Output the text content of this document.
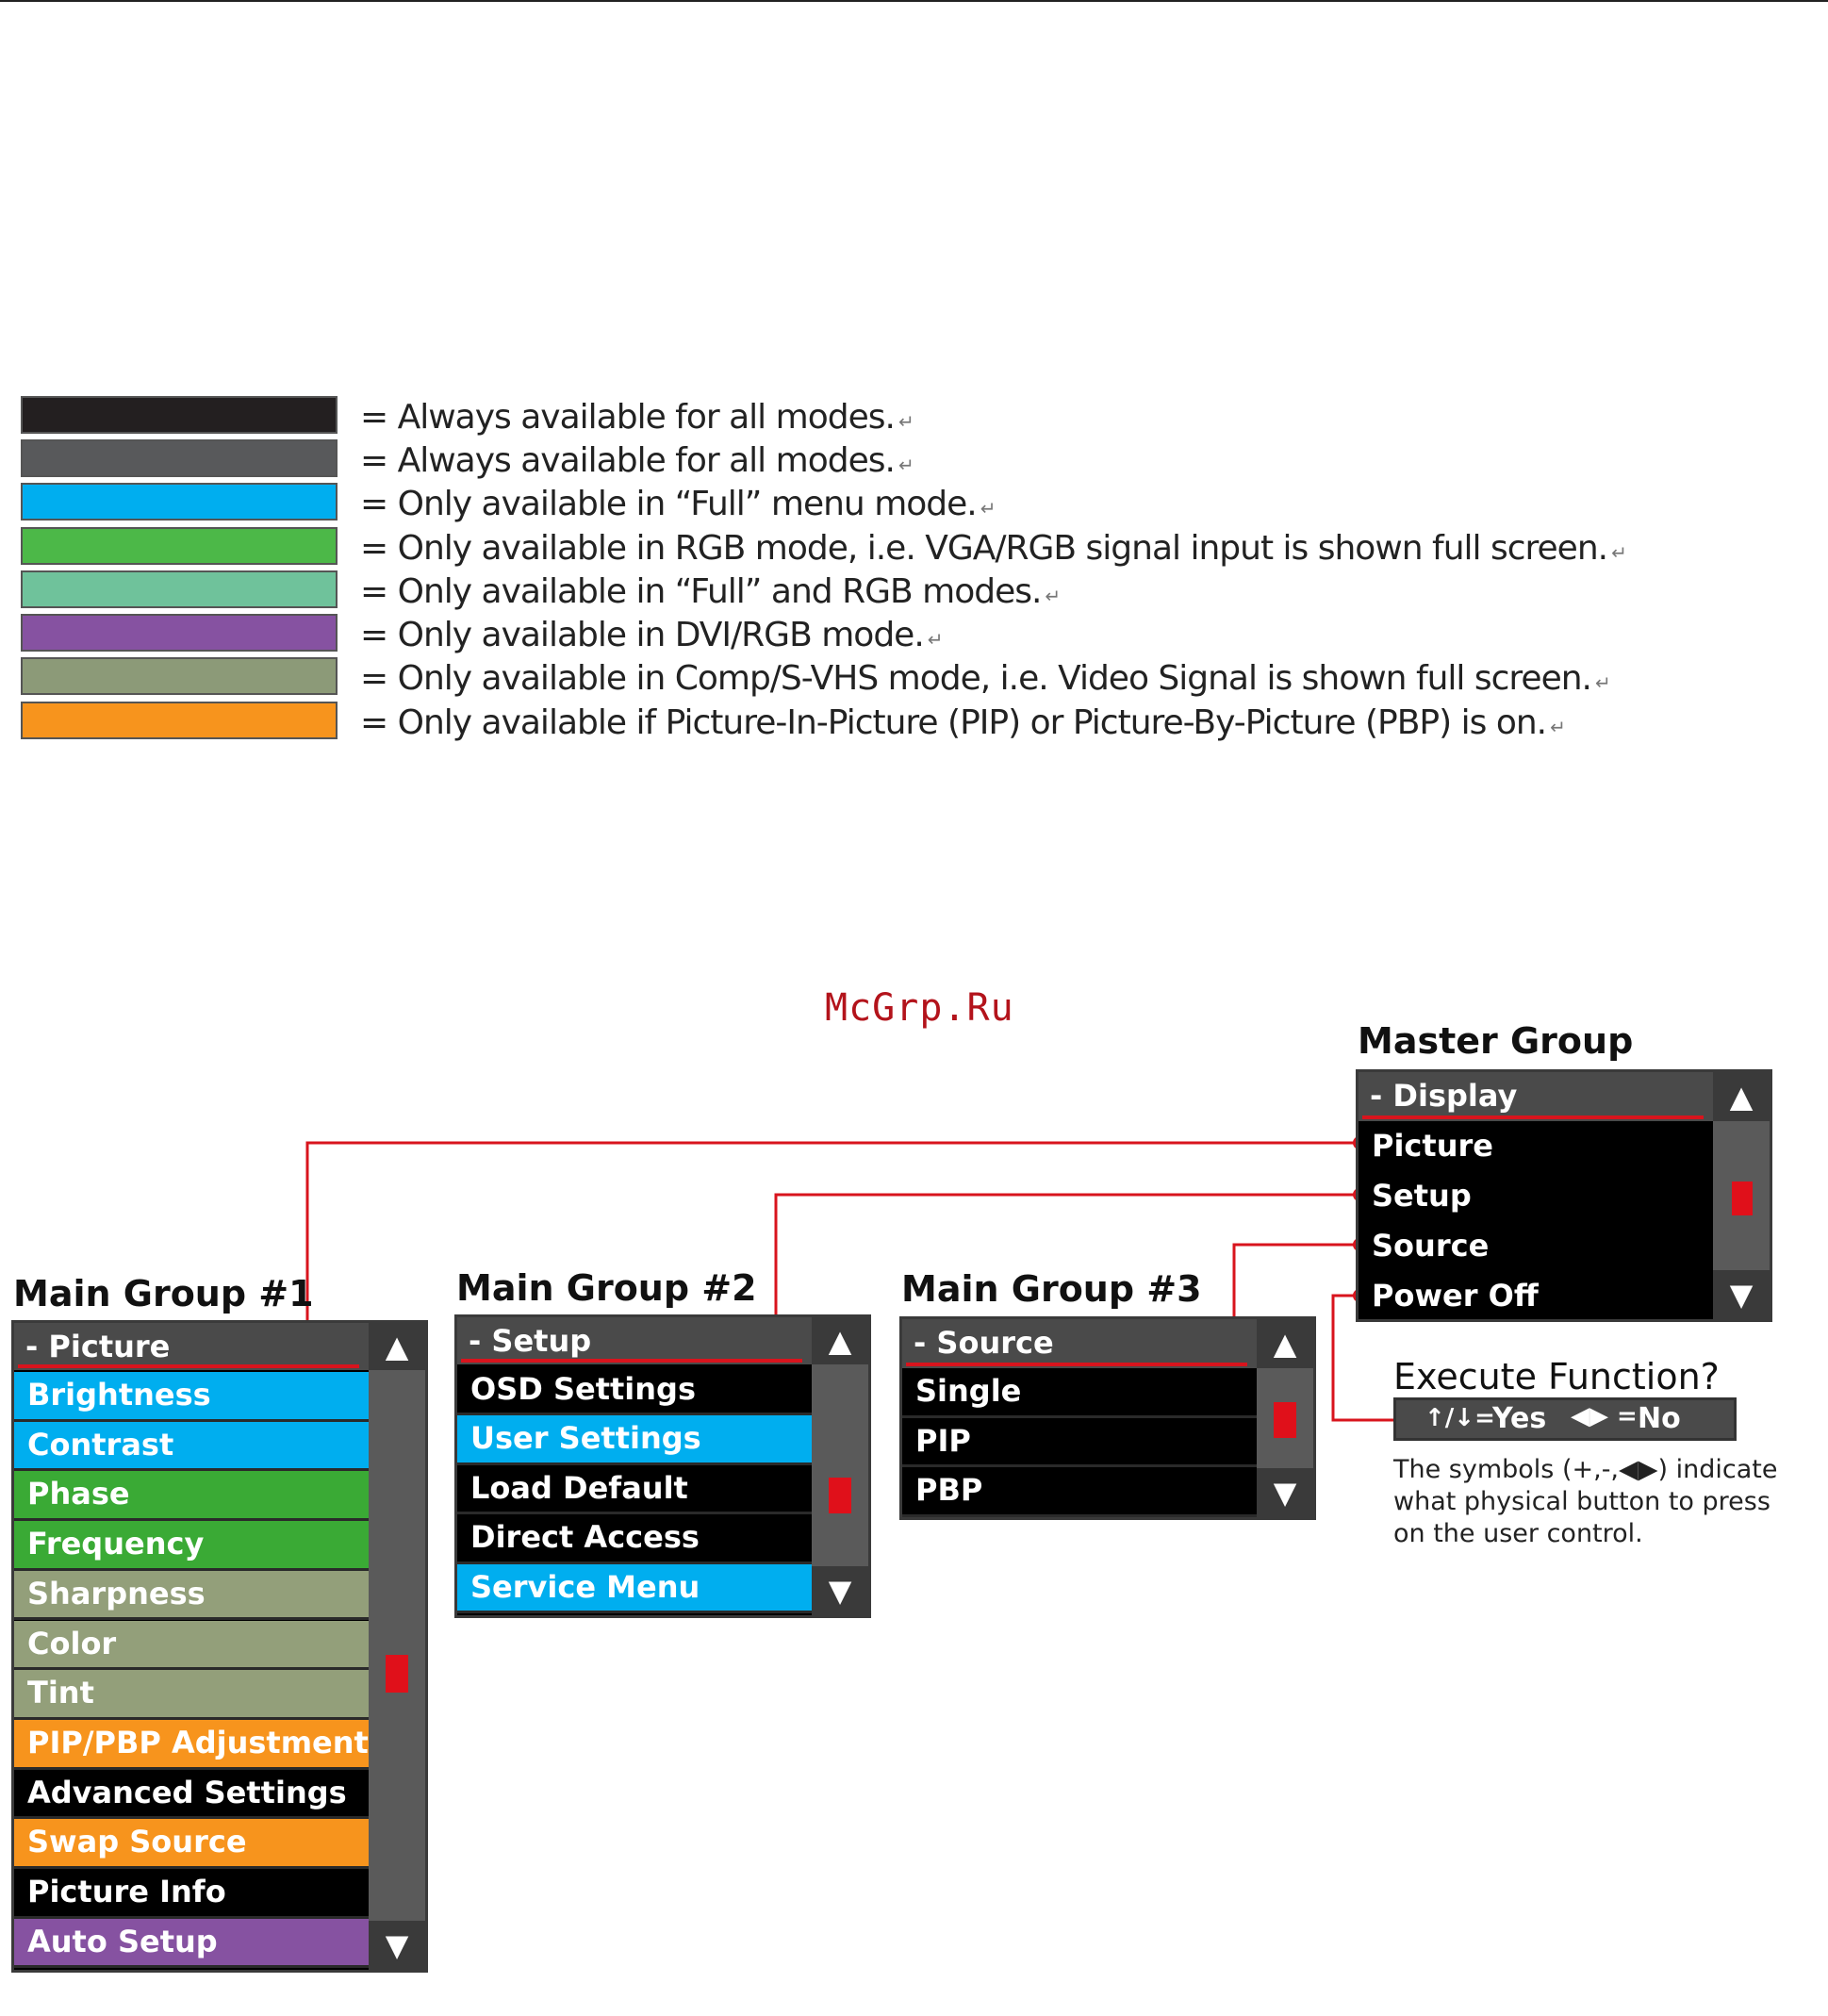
= Always available for all modes. ↵
= Always available for all modes. ↵
= Only available in “Full” menu mode. ↵
= Only available in RGB mode, i.e. VGA/RGB signal input is shown full screen. ↵
= Only available in “Full” and RGB modes. ↵
= Only available in DVI/RGB mode. ↵
= Only available in Comp/S-VHS mode, i.e. Video Signal is shown full screen. ↵
= Only available if Picture-In-Picture (PIP) or Picture-By-Picture (PBP) is on. ↵
McGrp.Ru
Master Group
- Display
Picture
Setup
Source
Power Off
▲
▼
Main Group #1
- Picture
Brightness
Contrast
Phase
Frequency
Sharpness
Color
Tint
PIP/PBP Adjustment
Advanced Settings
Swap Source
Picture Info
Auto Setup
▲
▼
Main Group #2
- Setup
OSD Settings
User Settings
Load Default
Direct Access
Service Menu
▲
▼
Main Group #3
- Source
Single
PIP
PBP
▲
▼
Execute Function?
↑/↓=
Yes ◀▶ = No
The symbols (+,-,◀▶) indicate what physical button to press on the user control.
